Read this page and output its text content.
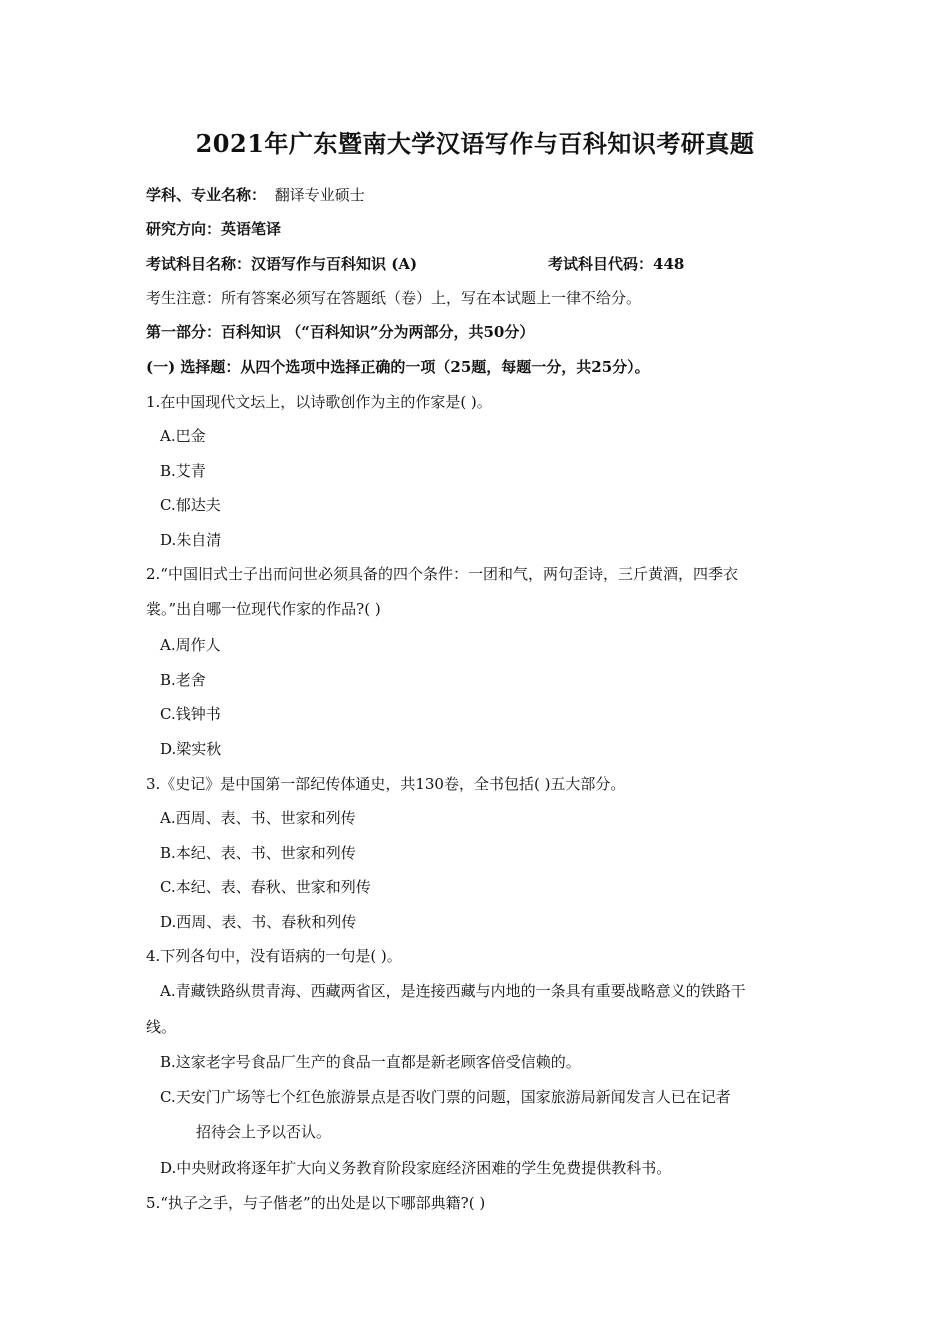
2021年广东暨南大学汉语写作与百科知识考研真题
学科、专业名称： 翻译专业硕士
研究方向：英语笔译
考试科目名称：汉语写作与百科知识 (A)	考试科目代码：448
考生注意：所有答案必须写在答题纸（卷）上，写在本试题上一律不给分。
第一部分：百科知识 （“百科知识”分为两部分，共50分）
(一) 选择题：从四个选项中选择正确的一项（25题，每题一分，共25分）。
1.在中国现代文坛上，以诗歌创作为主的作家是( )。
A.巴金
B.艾青
C.郁达夫
D.朱自清
2.“中国旧式士子出而问世必须具备的四个条件：一团和气，两句歪诗，三斤黄酒，四季衣
裳。”出自哪一位现代作家的作品?( )
A.周作人
B.老舍
C.钱钟书
D.梁实秋
3.《史记》是中国第一部纪传体通史，共130卷，全书包括( )五大部分。
A.西周、表、书、世家和列传
B.本纪、表、书、世家和列传
C.本纪、表、春秋、世家和列传
D.西周、表、书、春秋和列传
4.下列各句中，没有语病的一句是( )。
A.青藏铁路纵贯青海、西藏两省区，是连接西藏与内地的一条具有重要战略意义的铁路干
线。
B.这家老字号食品厂生产的食品一直都是新老顾客倍受信赖的。
C.天安门广场等七个红色旅游景点是否收门票的问题，国家旅游局新闻发言人已在记者
招待会上予以否认。
D.中央财政将逐年扩大向义务教育阶段家庭经济困难的学生免费提供教科书。
5.“执子之手，与子偕老”的出处是以下哪部典籍?( )
